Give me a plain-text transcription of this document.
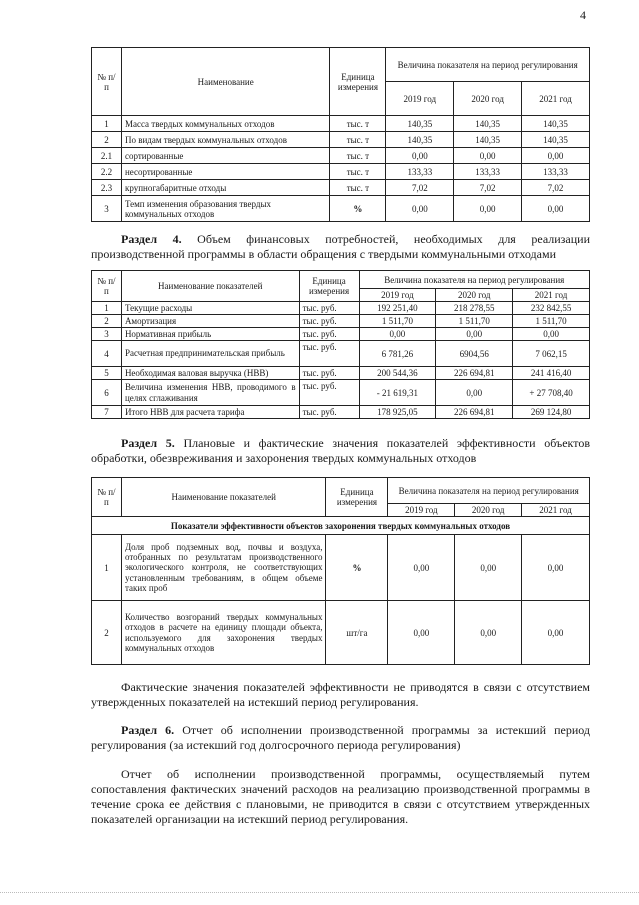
4
№ п/п	Наименование	Единица измерения	Величина показателя на период регулирования		
			2019 год	2020 год	2021 год
1	Масса твердых коммунальных отходов	тыс. т	140,35	140,35	140,35
2	По видам твердых коммунальных отходов	тыс. т	140,35	140,35	140,35
2.1	сортированные	тыс. т	0,00	0,00	0,00
2.2	несортированные	тыс. т	133,33	133,33	133,33
2.3	крупногабаритные отходы	тыс. т	7,02	7,02	7,02
3	Темп изменения образования твердых коммунальных отходов	%	0,00	0,00	0,00
Раздел 4. Объем финансовых потребностей, необходимых для реализации производственной программы в области обращения с твердыми коммунальными отходами
№ п/п	Наименование показателей	Единица измерения	Величина показателя на период регулирования		
			2019 год	2020 год	2021 год
1	Текущие расходы	тыс. руб.	192 251,40	218 278,55	232 842,55
2	Амортизация	тыс. руб.	1 511,70	1 511,70	1 511,70
3	Нормативная прибыль	тыс. руб.	0,00	0,00	0,00
4	Расчетная предпринимательская прибыль	тыс. руб.	6 781,26	6904,56	7 062,15
5	Необходимая валовая выручка (НВВ)	тыс. руб.	200 544,36	226 694,81	241 416,40
6	Величина изменения НВВ, проводимого в целях сглаживания	тыс. руб.	- 21 619,31	0,00	+ 27 708,40
7	Итого НВВ для расчета тарифа	тыс. руб.	178 925,05	226 694,81	269 124,80
Раздел 5. Плановые и фактические значения показателей эффективности объектов обработки, обезвреживания и захоронения твердых коммунальных отходов
№ п/п	Наименование показателей	Единица измерения	Величина показателя на период регулирования		
			2019 год	2020 год	2021 год
Показатели эффективности объектов захоронения твердых коммунальных отходов					
1	Доля проб подземных вод, почвы и воздуха, отобранных по результатам производственного экологического контроля, не соответствующих установленным требованиям, в общем объеме таких проб	%	0,00	0,00	0,00
2	Количество возгораний твердых коммунальных отходов в расчете на единицу площади объекта, используемого для захоронения твердых коммунальных отходов	шт/га	0,00	0,00	0,00
Фактические значения показателей эффективности не приводятся в связи с отсутствием утвержденных показателей на истекший период регулирования.
Раздел 6. Отчет об исполнении производственной программы за истекший период регулирования (за истекший год долгосрочного периода регулирования)
Отчет об исполнении производственной программы, осуществляемый путем сопоставления фактических значений расходов на реализацию производственной программы в течение срока ее действия с плановыми, не приводится в связи с отсутствием утвержденных показателей организации на истекший период регулирования.
